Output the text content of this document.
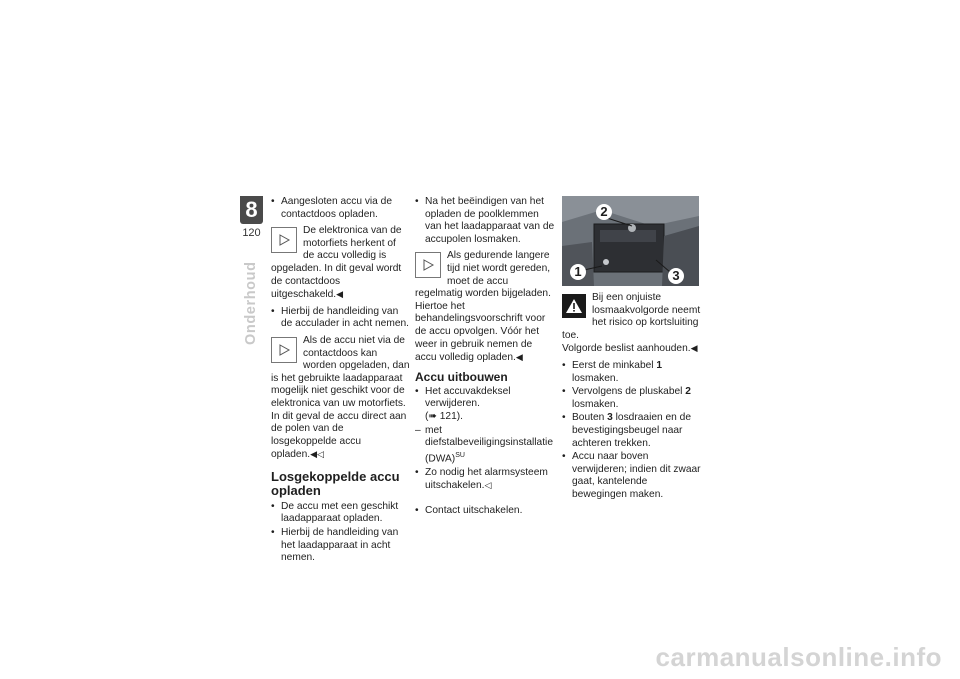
8
120
Onderhoud
• Aangesloten accu via de contactdoos opladen.
De elektronica van de motorfiets herkent of de accu volledig is opgeladen. In dit geval wordt de contactdoos uitgeschakeld.◀
• Hierbij de handleiding van de acculader in acht nemen.
Als de accu niet via de contactdoos kan worden opgeladen, dan is het gebruikte laadapparaat mogelijk niet geschikt voor de elektronica van uw motorfiets. In dit geval de accu direct aan de polen van de losgekoppelde accu opladen.◀◁
Losgekoppelde accu opladen
• De accu met een geschikt laadapparaat opladen.
• Hierbij de handleiding van het laadapparaat in acht nemen.
• Na het beëindigen van het opladen de poolklemmen van het laadapparaat van de accupolen losmaken.
Als gedurende langere tijd niet wordt gereden, moet de accu regelmatig worden bijgeladen. Hiertoe het behandelingsvoorschrift voor de accu opvolgen. Vóór het weer in gebruik nemen de accu volledig opladen.◀
Accu uitbouwen
• Het accuvakdeksel verwijderen.
(➠ 121).
– met diefstalbeveiligingsinstallatie (DWA)$^{SU}$
• Zo nodig het alarmsysteem uitschakelen.◁
• Contact uitschakelen.
2
1	3
Bij een onjuiste losmaakvolgorde neemt het risico op kortsluiting toe.
Volgorde beslist aanhouden.◀
• Eerst de minkabel 1 losmaken.
• Vervolgens de pluskabel 2 losmaken.
• Bouten 3 losdraaien en de bevestigingsbeugel naar achteren trekken.
• Accu naar boven verwijderen; indien dit zwaar gaat, kantelende bewegingen maken.
carmanualsonline.info
